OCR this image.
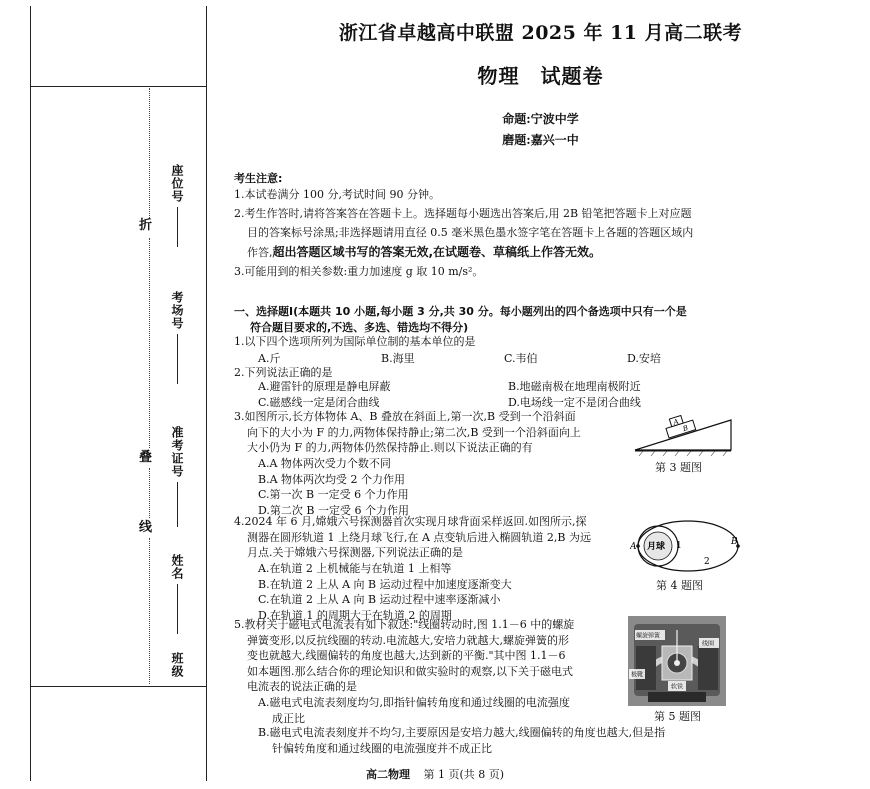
折
叠
线
座位号
考场号
准考证号
姓名
班级
浙江省卓越高中联盟 2025 年 11 月高二联考
物理　试题卷
命题:宁波中学
磨题:嘉兴一中
考生注意:
1.本试卷满分 100 分,考试时间 90 分钟。
2.考生作答时,请将答案答在答题卡上。选择题每小题选出答案后,用 2B 铅笔把答题卡上对应题
目的答案标号涂黑;非选择题请用直径 0.5 毫米黑色墨水签字笔在答题卡上各题的答题区域内
作答,超出答题区域书写的答案无效,在试题卷、草稿纸上作答无效。
3.可能用到的相关参数:重力加速度 g 取 10 m/s²。
一、选择题Ⅰ(本题共 10 小题,每小题 3 分,共 30 分。每小题列出的四个备选项中只有一个是
符合题目要求的,不选、多选、错选均不得分)
1.以下四个选项所列为国际单位制的基本单位的是
A.斤	B.海里	C.韦伯	D.安培
2.下列说法正确的是
A.避雷针的原理是静电屏蔽	B.地磁南极在地理南极附近
C.磁感线一定是闭合曲线	D.电场线一定不是闭合曲线
3.如图所示,长方体物体 A、B 叠放在斜面上,第一次,B 受到一个沿斜面
向下的大小为 F 的力,两物体保持静止;第二次,B 受到一个沿斜面向上
大小仍为 F 的力,两物体仍然保持静止.则以下说法正确的有
A.A 物体两次受力个数不同
B.A 物体两次均受 2 个力作用
C.第一次 B 一定受 6 个力作用
D.第二次 B 一定受 6 个力作用
A
B
第 3 题图
4.2024 年 6 月,嫦娥六号探测器首次实现月球背面采样返回.如图所示,探
测器在圆形轨道 1 上绕月球飞行,在 A 点变轨后进入椭圆轨道 2,B 为远
月点.关于嫦娥六号探测器,下列说法正确的是
A.在轨道 2 上机械能与在轨道 1 上相等
B.在轨道 2 上从 A 向 B 运动过程中加速度逐渐变大
C.在轨道 2 上从 A 向 B 运动过程中速率逐渐减小
D.在轨道 1 的周期大于在轨道 2 的周期
A 月球 1
2
B
第 4 题图
5.教材关于磁电式电流表有如下叙述:"线圈转动时,图 1.1－6 中的螺旋
弹簧变形,以反抗线圈的转动.电流越大,安培力就越大,螺旋弹簧的形
变也就越大,线圈偏转的角度也越大,达到新的平衡."其中图 1.1－6
如本题图.那么结合你的理论知识和做实验时的观察,以下关于磁电式
电流表的说法正确的是
A.磁电式电流表刻度均匀,即指针偏转角度和通过线圈的电流强度
成正比
B.磁电式电流表刻度并不均匀,主要原因是安培力越大,线圈偏转的角度也越大,但是指
针偏转角度和通过线圈的电流强度并不成正比
螺旋弹簧
线圈
极靴
软铁
第 5 题图
高二物理 第 1 页(共 8 页)
